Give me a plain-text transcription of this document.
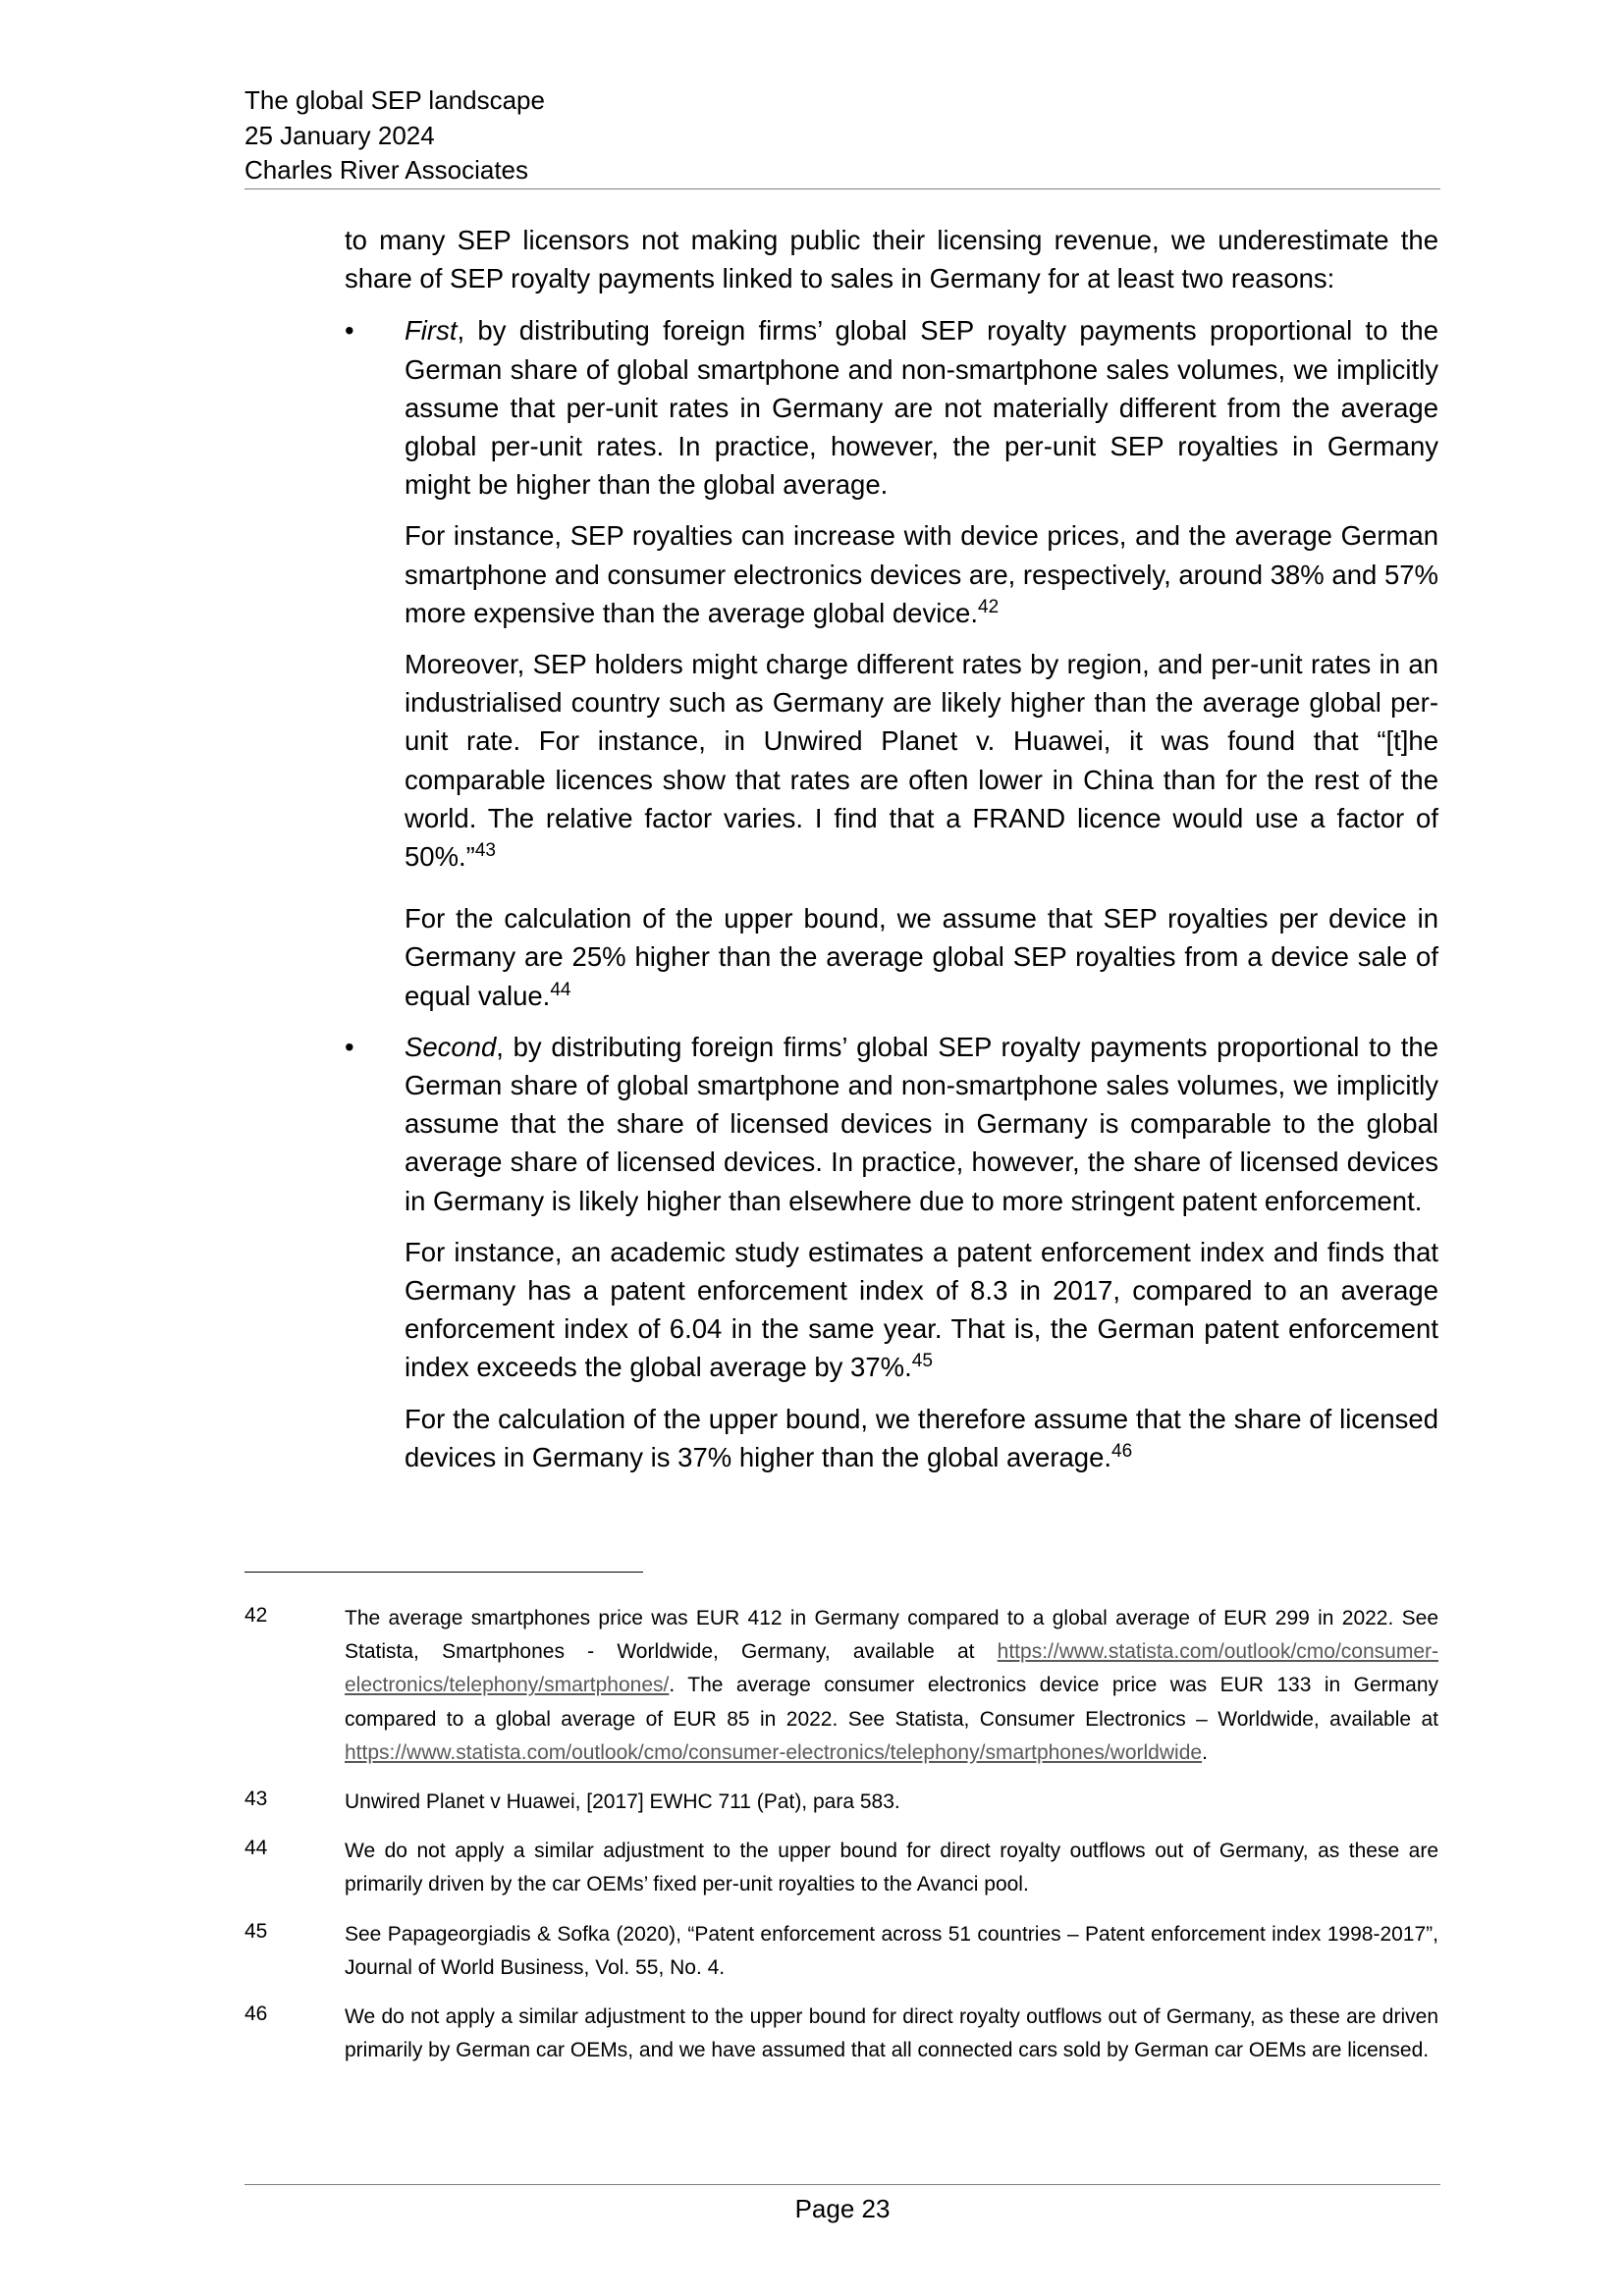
The global SEP landscape
25 January 2024
Charles River Associates

to many SEP licensors not making public their licensing revenue, we underestimate the share of SEP royalty payments linked to sales in Germany for at least two reasons:

•	First, by distributing foreign firms’ global SEP royalty payments proportional to the German share of global smartphone and non-smartphone sales volumes, we implicitly assume that per-unit rates in Germany are not materially different from the average global per-unit rates. In practice, however, the per-unit SEP royalties in Germany might be higher than the global average.

For instance, SEP royalties can increase with device prices, and the average German smartphone and consumer electronics devices are, respectively, around 38% and 57% more expensive than the average global device.$^{42}$

Moreover, SEP holders might charge different rates by region, and per-unit rates in an industrialised country such as Germany are likely higher than the average global per-unit rate. For instance, in Unwired Planet v. Huawei, it was found that “[t]he comparable licences show that rates are often lower in China than for the rest of the world. The relative factor varies. I find that a FRAND licence would use a factor of 50%.”$^{43}$

For the calculation of the upper bound, we assume that SEP royalties per device in Germany are 25% higher than the average global SEP royalties from a device sale of equal value.$^{44}$

•	Second, by distributing foreign firms’ global SEP royalty payments proportional to the German share of global smartphone and non-smartphone sales volumes, we implicitly assume that the share of licensed devices in Germany is comparable to the global average share of licensed devices. In practice, however, the share of licensed devices in Germany is likely higher than elsewhere due to more stringent patent enforcement.

For instance, an academic study estimates a patent enforcement index and finds that Germany has a patent enforcement index of 8.3 in 2017, compared to an average enforcement index of 6.04 in the same year. That is, the German patent enforcement index exceeds the global average by 37%.$^{45}$

For the calculation of the upper bound, we therefore assume that the share of licensed devices in Germany is 37% higher than the global average.$^{46}$

42	The average smartphones price was EUR 412 in Germany compared to a global average of EUR 299 in 2022. See Statista, Smartphones - Worldwide, Germany, available at https://www.statista.com/outlook/cmo/consumer-electronics/telephony/smartphones/. The average consumer electronics device price was EUR 133 in Germany compared to a global average of EUR 85 in 2022. See Statista, Consumer Electronics – Worldwide, available at https://www.statista.com/outlook/cmo/consumer-electronics/telephony/smartphones/worldwide.
43	Unwired Planet v Huawei, [2017] EWHC 711 (Pat), para 583.
44	We do not apply a similar adjustment to the upper bound for direct royalty outflows out of Germany, as these are primarily driven by the car OEMs’ fixed per-unit royalties to the Avanci pool.
45	See Papageorgiadis & Sofka (2020), “Patent enforcement across 51 countries – Patent enforcement index 1998-2017”, Journal of World Business, Vol. 55, No. 4.
46	We do not apply a similar adjustment to the upper bound for direct royalty outflows out of Germany, as these are driven primarily by German car OEMs, and we have assumed that all connected cars sold by German car OEMs are licensed.
Page 23
